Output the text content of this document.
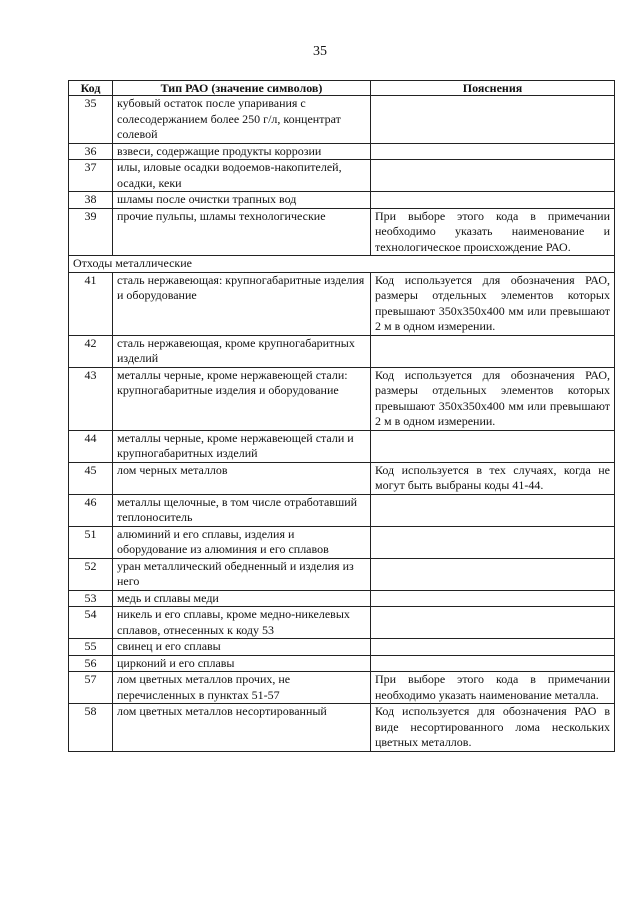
35
Код	Тип РАО (значение символов)	Пояснения
35	кубовый остаток после упаривания с солесодержанием более 250 г/л, концентрат солевой	
36	взвеси, содержащие продукты коррозии	
37	илы, иловые осадки водоемов-накопителей, осадки, кеки	
38	шламы после очистки трапных вод	
39	прочие пульпы, шламы технологические	При выборе этого кода в примечании необходимо указать наименование и технологическое происхождение РАО.
Отходы металлические		
41	сталь нержавеющая: крупногабаритные изделия и оборудование	Код используется для обозначения РАО, размеры отдельных элементов которых превышают 350x350x400 мм или превышают 2 м в одном измерении.
42	сталь нержавеющая, кроме крупногабаритных изделий	
43	металлы черные, кроме нержавеющей стали: крупногабаритные изделия и оборудование	Код используется для обозначения РАО, размеры отдельных элементов которых превышают 350x350x400 мм или превышают 2 м в одном измерении.
44	металлы черные, кроме нержавеющей стали и крупногабаритных изделий	
45	лом черных металлов	Код используется в тех случаях, когда не могут быть выбраны коды 41-44.
46	металлы щелочные, в том числе отработавший теплоноситель	
51	алюминий и его сплавы, изделия и оборудование из алюминия и его сплавов	
52	уран металлический обедненный и изделия из него	
53	медь и сплавы меди	
54	никель и его сплавы, кроме медно-никелевых сплавов, отнесенных к коду 53	
55	свинец и его сплавы	
56	цирконий и его сплавы	
57	лом цветных металлов прочих, не перечисленных в пунктах 51-57	При выборе этого кода в примечании необходимо указать наименование металла.
58	лом цветных металлов несортированный	Код используется для обозначения РАО в виде несортированного лома нескольких цветных металлов.
